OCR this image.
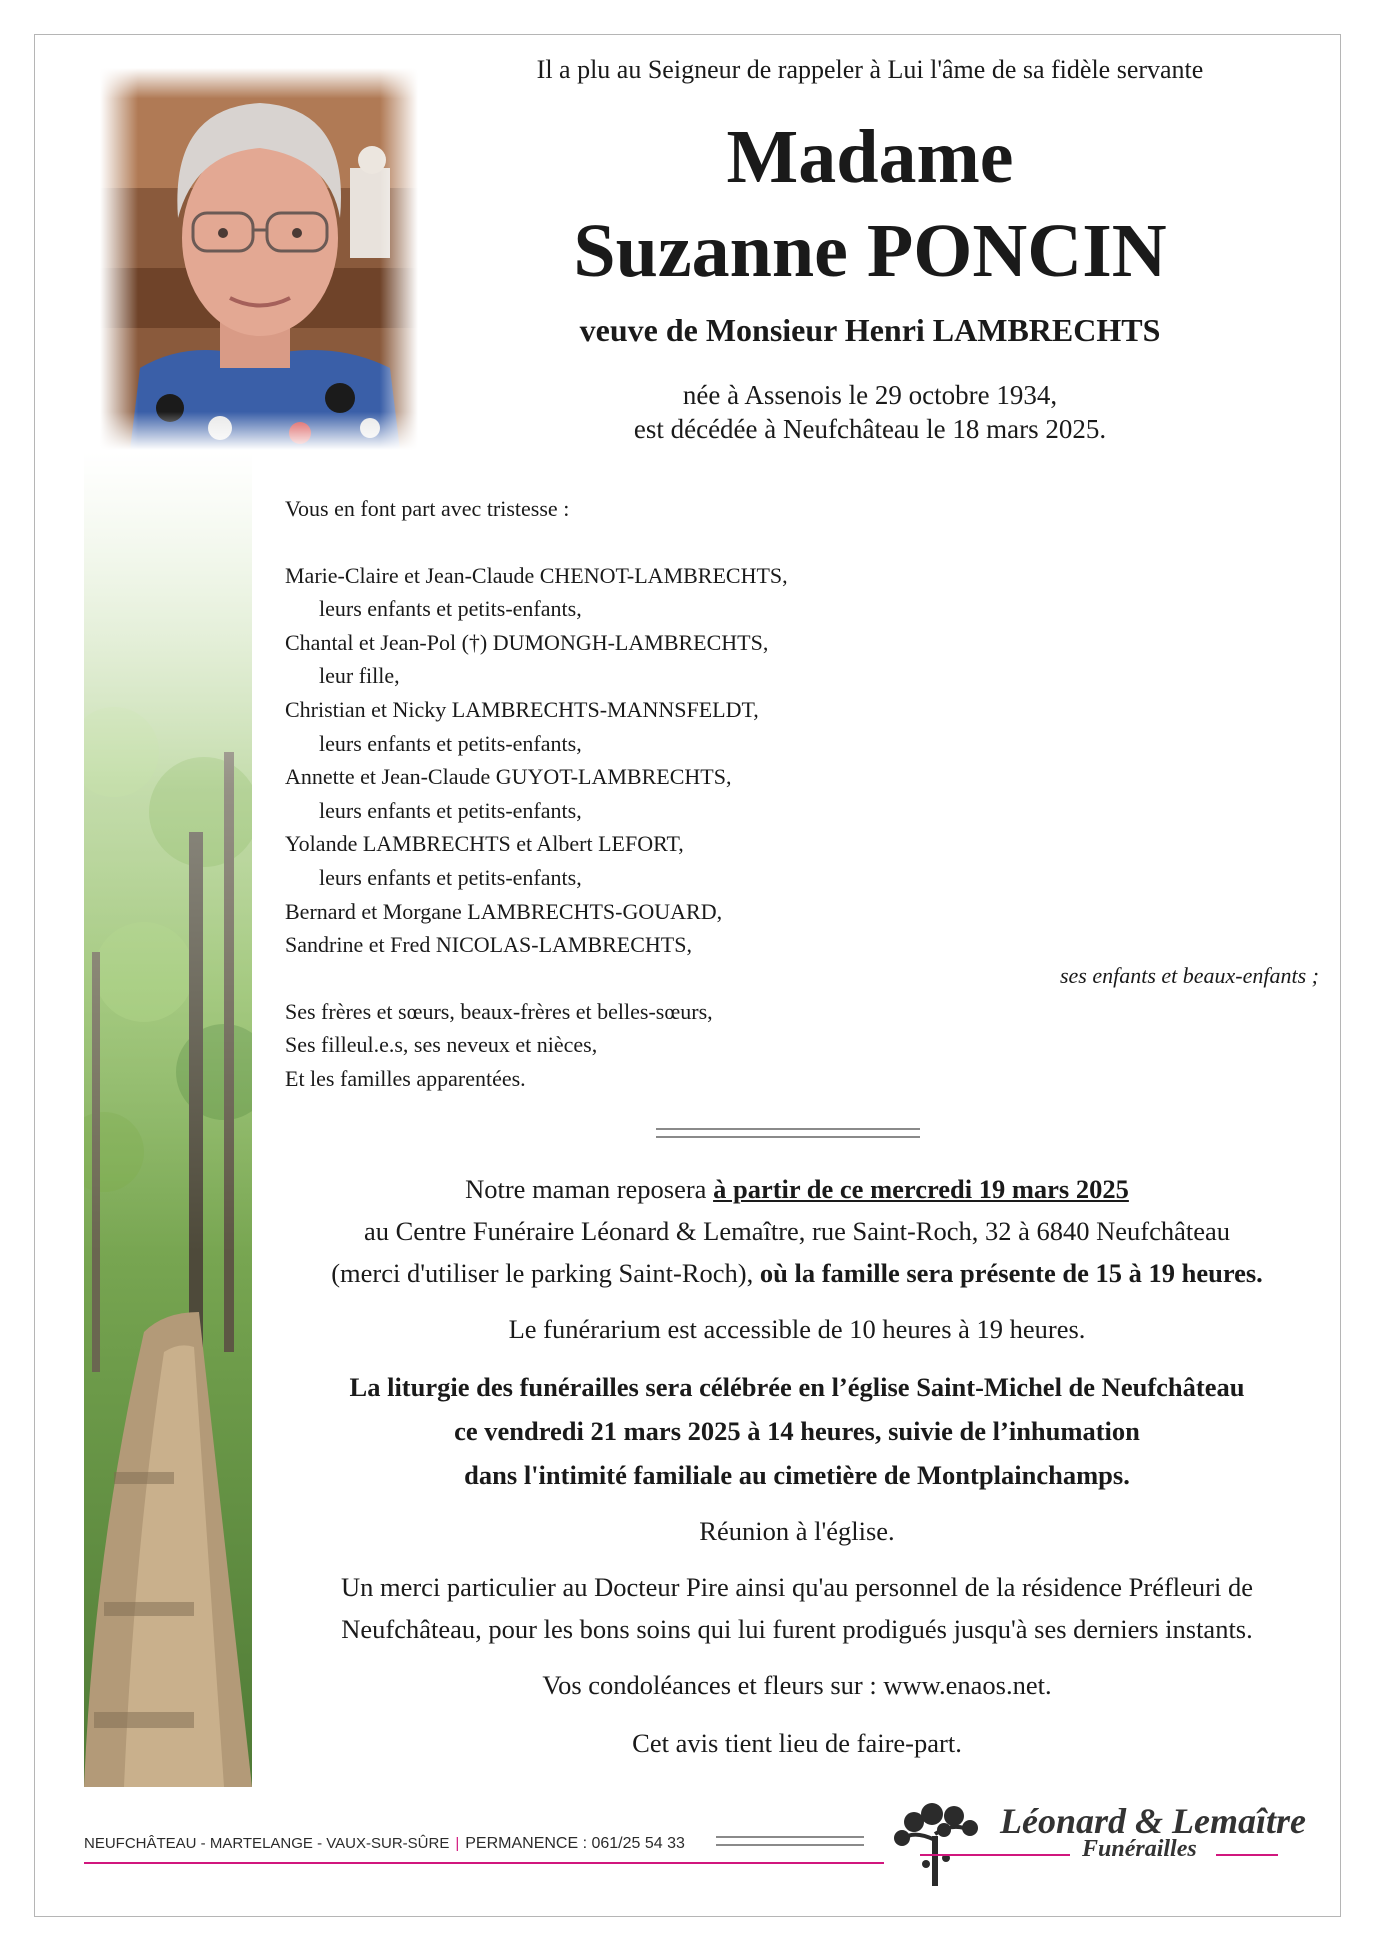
Il a plu au Seigneur de rappeler à Lui l'âme de sa fidèle servante
Madame
Suzanne PONCIN
veuve de Monsieur Henri LAMBRECHTS
née à Assenois le 29 octobre 1934,
est décédée à Neufchâteau le 18 mars 2025.
Vous en font part avec tristesse :
Marie-Claire et Jean-Claude CHENOT-LAMBRECHTS,
leurs enfants et petits-enfants,
Chantal et Jean-Pol (†) DUMONGH-LAMBRECHTS,
leur fille,
Christian et Nicky LAMBRECHTS-MANNSFELDT,
leurs enfants et petits-enfants,
Annette et Jean-Claude GUYOT-LAMBRECHTS,
leurs enfants et petits-enfants,
Yolande LAMBRECHTS et Albert LEFORT,
leurs enfants et petits-enfants,
Bernard et Morgane LAMBRECHTS-GOUARD,
Sandrine et Fred NICOLAS-LAMBRECHTS,
Ses frères et sœurs, beaux-frères et belles-sœurs,
Ses filleul.e.s, ses neveux et nièces,
Et les familles apparentées.
ses enfants et beaux-enfants ;
Notre maman reposera à partir de ce mercredi 19 mars 2025
au Centre Funéraire Léonard & Lemaître, rue Saint-Roch, 32 à 6840 Neufchâteau
(merci d'utiliser le parking Saint-Roch), où la famille sera présente de 15 à 19 heures.
Le funérarium est accessible de 10 heures à 19 heures.
La liturgie des funérailles sera célébrée en l’église Saint-Michel de Neufchâteau
ce vendredi 21 mars 2025 à 14 heures, suivie de l’inhumation
dans l'intimité familiale au cimetière de Montplainchamps.
Réunion à l'église.
Un merci particulier au Docteur Pire ainsi qu'au personnel de la résidence Préfleuri de
Neufchâteau, pour les bons soins qui lui furent prodigués jusqu'à ses derniers instants.
Vos condoléances et fleurs sur : www.enaos.net.
Cet avis tient lieu de faire-part.
NEUFCHÂTEAU - MARTELANGE - VAUX-SUR-SÛRE | PERMANENCE : 061/25 54 33
Léonard & Lemaître
Funérailles
